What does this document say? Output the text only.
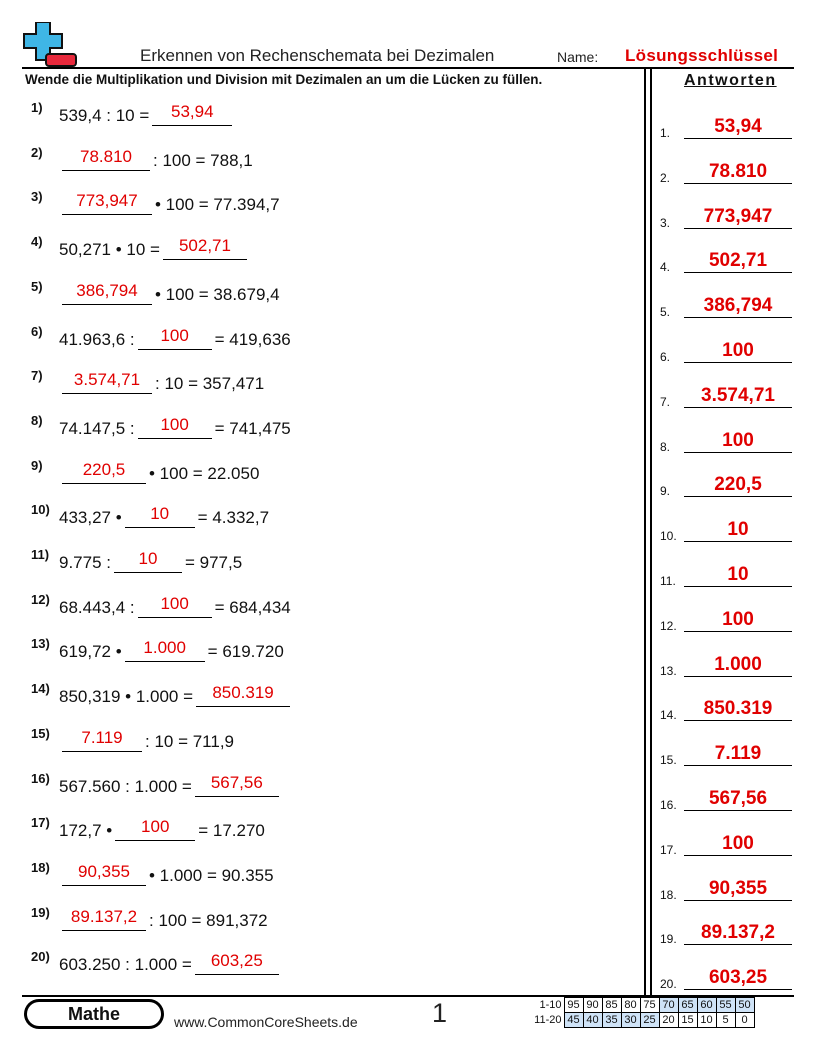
Erkennen von Rechenschemata bei Dezimalen	Name: Lösungsschlüssel
Wende die Multiplikation und Division mit Dezimalen an um die Lücken zu füllen.	Antworten
1) 539,4 : 10 =	53,94
2)	78.810	: 100 = 788,1
3)	773,947	• 100 = 77.394,7
4) 50,271 • 10 =	502,71
5)	386,794	• 100 = 38.679,4
6) 41.963,6 :	100	= 419,636
7)	3.574,71 : 10 = 357,471
8) 74.147,5 :	100	= 741,475
9)	220,5	• 100 = 22.050
10) 433,27 •	10	= 4.332,7
11) 9.775 :	10	= 977,5
12) 68.443,4 :	100	= 684,434
13) 619,72 •	1.000	= 619.720
14) 850,319 • 1.000 =	850.319
15)	7.119	: 10 = 711,9
16) 567.560 : 1.000 =	567,56
17) 172,7 •	100	= 17.270
18)	90,355	• 1.000 = 90.355
19)	89.137,2 : 100 = 891,372
20) 603.250 : 1.000 =	603,25
1.	53,94
2.	78.810
3.	773,947
4.	502,71
5.	386,794
6.	100
7.	3.574,71
8.	100
9.	220,5
10.	10
11.	10
12.	100
13.	1.000
14.	850.319
15.	7.119
16.	567,56
17.	100
18.	90,355
19.	89.137,2
20.	603,25
Mathe	www.CommonCoreSheets.de	1	1-10	95	90	85	80	75	70	65	60	55	50
11-20	45	40	35	30	25	20	15	10	5	0
